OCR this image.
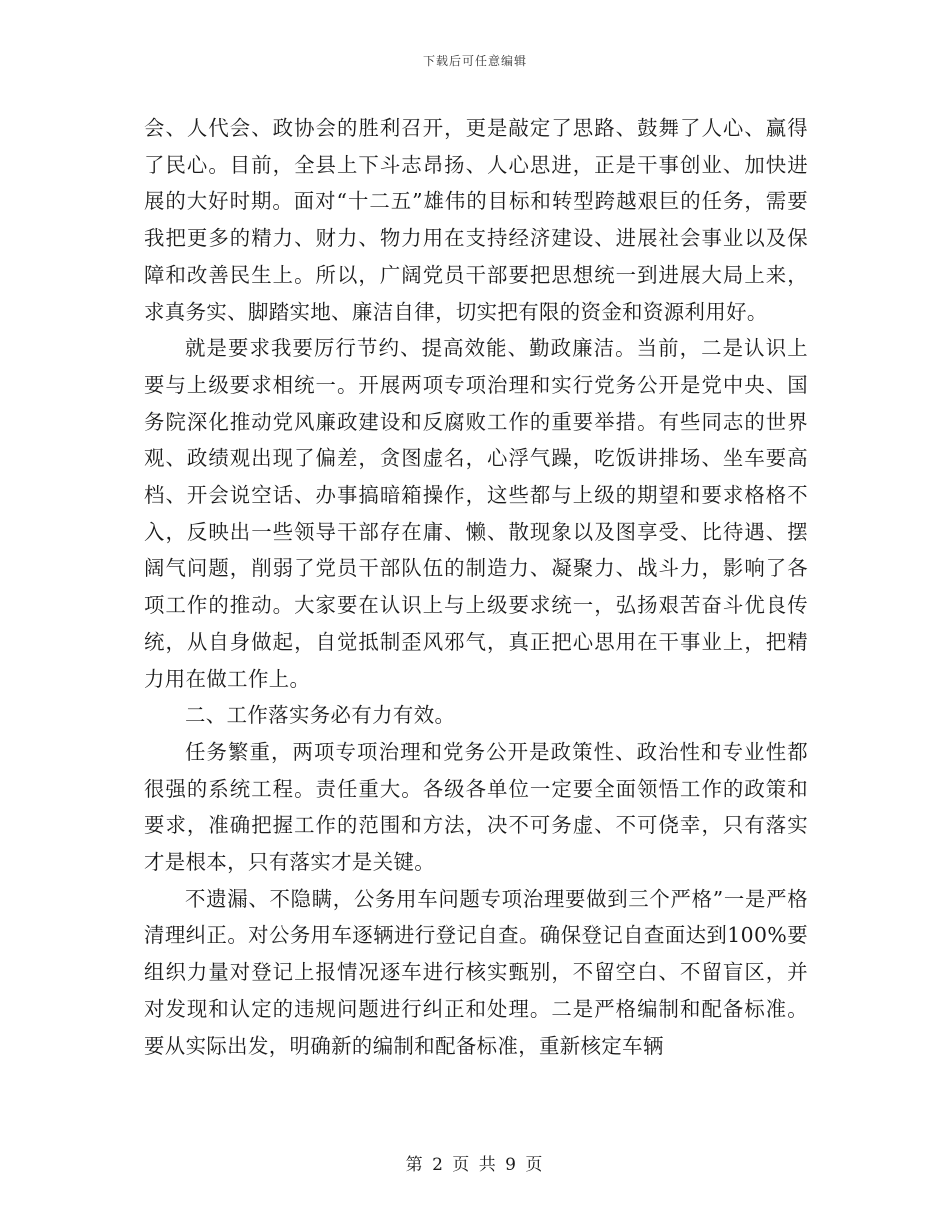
下载后可任意编辑

会、人代会、政协会的胜利召开，更是敲定了思路、鼓舞了人心、赢得了民心。目前，全县上下斗志昂扬、人心思进，正是干事创业、加快进展的大好时期。面对“十二五”雄伟的目标和转型跨越艰巨的任务，需要我把更多的精力、财力、物力用在支持经济建设、进展社会事业以及保障和改善民生上。所以，广阔党员干部要把思想统一到进展大局上来，求真务实、脚踏实地、廉洁自律，切实把有限的资金和资源利用好。

就是要求我要厉行节约、提高效能、勤政廉洁。当前，二是认识上要与上级要求相统一。开展两项专项治理和实行党务公开是党中央、国务院深化推动党风廉政建设和反腐败工作的重要举措。有些同志的世界观、政绩观出现了偏差，贪图虚名，心浮气躁，吃饭讲排场、坐车要高档、开会说空话、办事搞暗箱操作，这些都与上级的期望和要求格格不入，反映出一些领导干部存在庸、懒、散现象以及图享受、比待遇、摆阔气问题，削弱了党员干部队伍的制造力、凝聚力、战斗力，影响了各项工作的推动。大家要在认识上与上级要求统一，弘扬艰苦奋斗优良传统，从自身做起，自觉抵制歪风邪气，真正把心思用在干事业上，把精力用在做工作上。

二、工作落实务必有力有效。

任务繁重，两项专项治理和党务公开是政策性、政治性和专业性都很强的系统工程。责任重大。各级各单位一定要全面领悟工作的政策和要求，准确把握工作的范围和方法，决不可务虚、不可侥幸，只有落实才是根本，只有落实才是关键。

不遗漏、不隐瞒，公务用车问题专项治理要做到三个严格”一是严格清理纠正。对公务用车逐辆进行登记自查。确保登记自查面达到100%要组织力量对登记上报情况逐车进行核实甄别，不留空白、不留盲区，并对发现和认定的违规问题进行纠正和处理。二是严格编制和配备标准。要从实际出发，明确新的编制和配备标准，重新核定车辆

第 2 页 共 9 页
